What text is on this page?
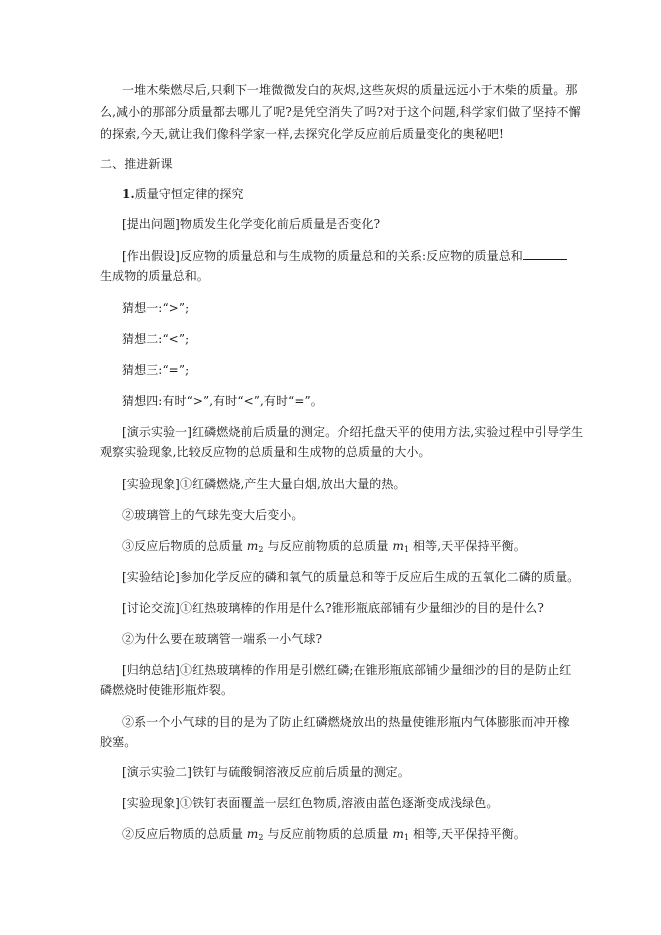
一堆木柴燃尽后,只剩下一堆微微发白的灰烬,这些灰烬的质量远远小于木柴的质量。那
么,减小的那部分质量都去哪儿了呢?是凭空消失了吗?对于这个问题,科学家们做了坚持不懈
的探索,今天,就让我们像科学家一样,去探究化学反应前后质量变化的奥秘吧!
二、推进新课
1.质量守恒定律的探究
[提出问题]物质发生化学变化前后质量是否变化?
[作出假设]反应物的质量总和与生成物的质量总和的关系:反应物的质量总和
生成物的质量总和。
猜想一:“>”;
猜想二:“<”;
猜想三:“=”;
猜想四:有时“>”,有时“<”,有时“=”。
[演示实验一]红磷燃烧前后质量的测定。介绍托盘天平的使用方法,实验过程中引导学生
观察实验现象,比较反应物的总质量和生成物的总质量的大小。
[实验现象]①红磷燃烧,产生大量白烟,放出大量的热。
②玻璃管上的气球先变大后变小。
③反应后物质的总质量 $m_2$ 与反应前物质的总质量 $m_1$ 相等,天平保持平衡。
[实验结论]参加化学反应的磷和氧气的质量总和等于反应后生成的五氧化二磷的质量。
[讨论交流]①红热玻璃棒的作用是什么?锥形瓶底部铺有少量细沙的目的是什么?
②为什么要在玻璃管一端系一小气球?
[归纳总结]①红热玻璃棒的作用是引燃红磷;在锥形瓶底部铺少量细沙的目的是防止红
磷燃烧时使锥形瓶炸裂。
②系一个小气球的目的是为了防止红磷燃烧放出的热量使锥形瓶内气体膨胀而冲开橡
胶塞。
[演示实验二]铁钉与硫酸铜溶液反应前后质量的测定。
[实验现象]①铁钉表面覆盖一层红色物质,溶液由蓝色逐渐变成浅绿色。
②反应后物质的总质量 $m_2$ 与反应前物质的总质量 $m_1$ 相等,天平保持平衡。
